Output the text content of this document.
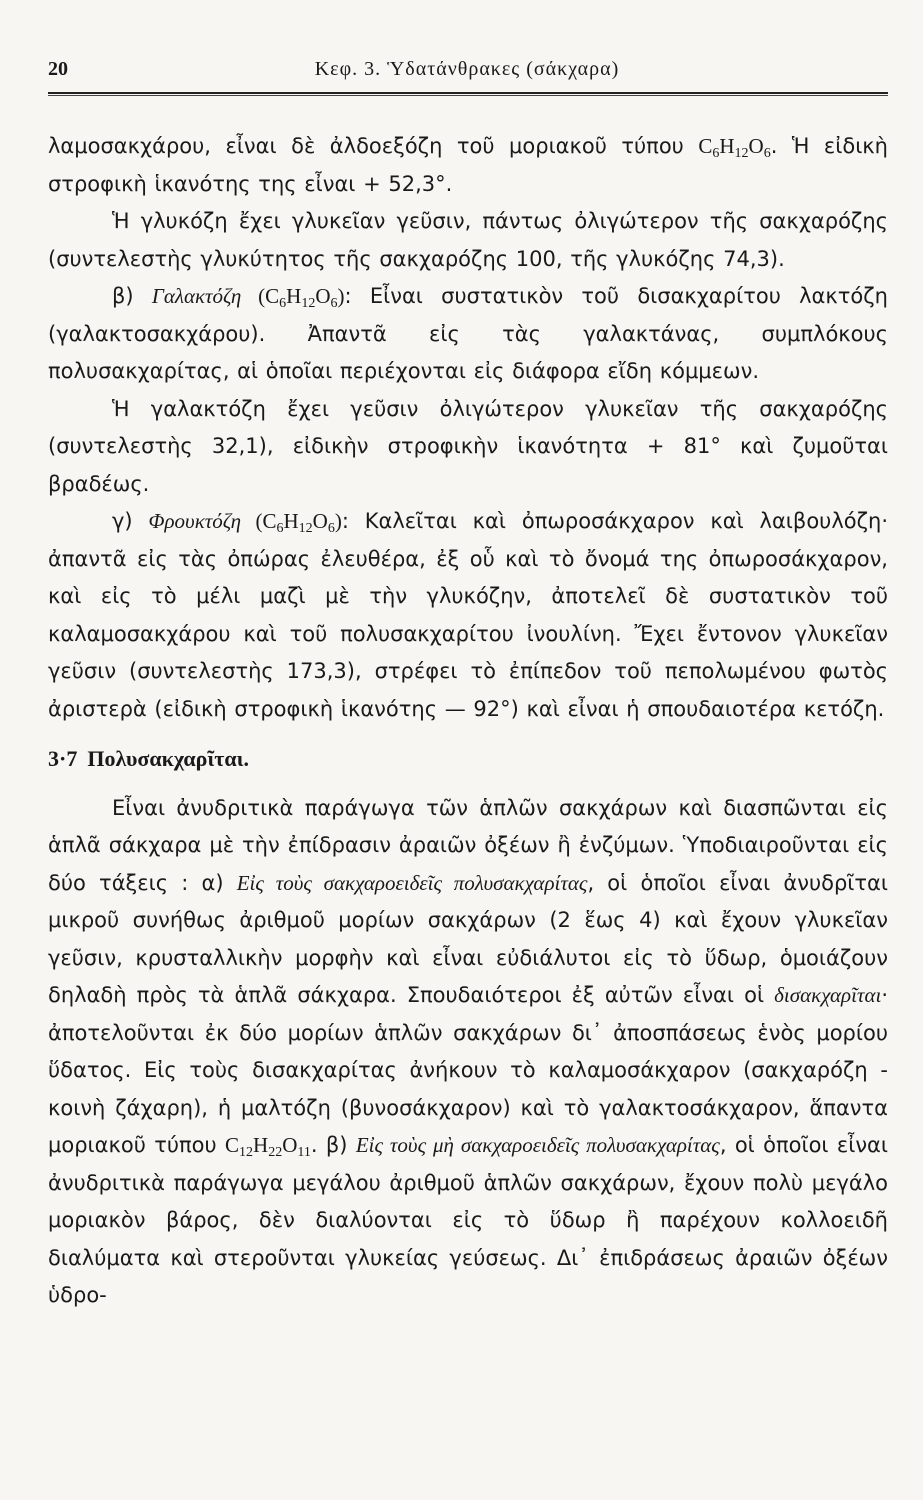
20	Κεφ. 3. Ὑδατάνθρακες (σάκχαρα)

λαμοσακχάρου, εἶναι δὲ ἀλδοεξόζη τοῦ μοριακοῦ τύπου $C_6H_{12}O_6$. Ἡ εἰδικὴ στροφικὴ ἱκανότης της εἶναι + 52,3°.

Ἡ γλυκόζη ἔχει γλυκεῖαν γεῦσιν, πάντως ὀλιγώτερον τῆς σακχαρόζης (συντελεστὴς γλυκύτητος τῆς σακχαρόζης 100, τῆς γλυκόζης 74,3).

β) Γαλακτόζη $(C_6H_{12}O_6)$: Εἶναι συστατικὸν τοῦ δισακχαρίτου λακτόζη (γαλακτοσακχάρου). Ἀπαντᾶ εἰς τὰς γαλακτάνας, συμπλόκους πολυσακχαρίτας, αἱ ὁποῖαι περιέχονται εἰς διάφορα εἴδη κόμμεων.

Ἡ γαλακτόζη ἔχει γεῦσιν ὀλιγώτερον γλυκεῖαν τῆς σακχαρόζης (συντελεστὴς 32,1), εἰδικὴν στροφικὴν ἱκανότητα + 81° καὶ ζυμοῦται βραδέως.

γ) Φρουκτόζη $(C_6H_{12}O_6)$: Καλεῖται καὶ ὀπωροσάκχαρον καὶ λαιβουλόζη· ἀπαντᾶ εἰς τὰς ὀπώρας ἐλευθέρα, ἐξ οὗ καὶ τὸ ὄνομά της ὀπωροσάκχαρον, καὶ εἰς τὸ μέλι μαζὶ μὲ τὴν γλυκόζην, ἀποτελεῖ δὲ συστατικὸν τοῦ καλαμοσακχάρου καὶ τοῦ πολυσακχαρίτου ἰνουλίνη. Ἔχει ἔντονον γλυκεῖαν γεῦσιν (συντελεστὴς 173,3), στρέφει τὸ ἐπίπεδον τοῦ πεπολωμένου φωτὸς ἀριστερὰ (εἰδικὴ στροφικὴ ἱκανότης — 92°) καὶ εἶναι ἡ σπουδαιοτέρα κετόζη.

3·7 Πολυσακχαρῖται.

Εἶναι ἀνυδριτικὰ παράγωγα τῶν ἁπλῶν σακχάρων καὶ διασπῶνται εἰς ἁπλᾶ σάκχαρα μὲ τὴν ἐπίδρασιν ἀραιῶν ὀξέων ἢ ἐνζύμων. Ὑποδιαιροῦνται εἰς δύο τάξεις : α) Εἰς τοὺς σακχαροειδεῖς πολυσακχαρίτας, οἱ ὁποῖοι εἶναι ἀνυδρῖται μικροῦ συνήθως ἀριθμοῦ μορίων σακχάρων (2 ἕως 4) καὶ ἔχουν γλυκεῖαν γεῦσιν, κρυσταλλικὴν μορφὴν καὶ εἶναι εὐδιάλυτοι εἰς τὸ ὕδωρ, ὁμοιάζουν δηλαδὴ πρὸς τὰ ἁπλᾶ σάκχαρα. Σπουδαιότεροι ἐξ αὐτῶν εἶναι οἱ δισακχαρῖται· ἀποτελοῦνται ἐκ δύο μορίων ἁπλῶν σακχάρων δι᾽ ἀποσπάσεως ἑνὸς μορίου ὕδατος. Εἰς τοὺς δισακχαρίτας ἀνήκουν τὸ καλαμοσάκχαρον (σακχαρόζη - κοινὴ ζάχαρη), ἡ μαλτόζη (βυνοσάκχαρον) καὶ τὸ γαλακτοσάκχαρον, ἅπαντα μοριακοῦ τύπου $C_{12}H_{22}O_{11}$. β) Εἰς τοὺς μὴ σακχαροειδεῖς πολυσακχαρίτας, οἱ ὁποῖοι εἶναι ἀνυδριτικὰ παράγωγα μεγάλου ἀριθμοῦ ἁπλῶν σακχάρων, ἔχουν πολὺ μεγάλο μοριακὸν βάρος, δὲν διαλύονται εἰς τὸ ὕδωρ ἢ παρέχουν κολλοειδῆ διαλύματα καὶ στεροῦνται γλυκείας γεύσεως. Δι᾽ ἐπιδράσεως ἀραιῶν ὀξέων ὑδρο-
